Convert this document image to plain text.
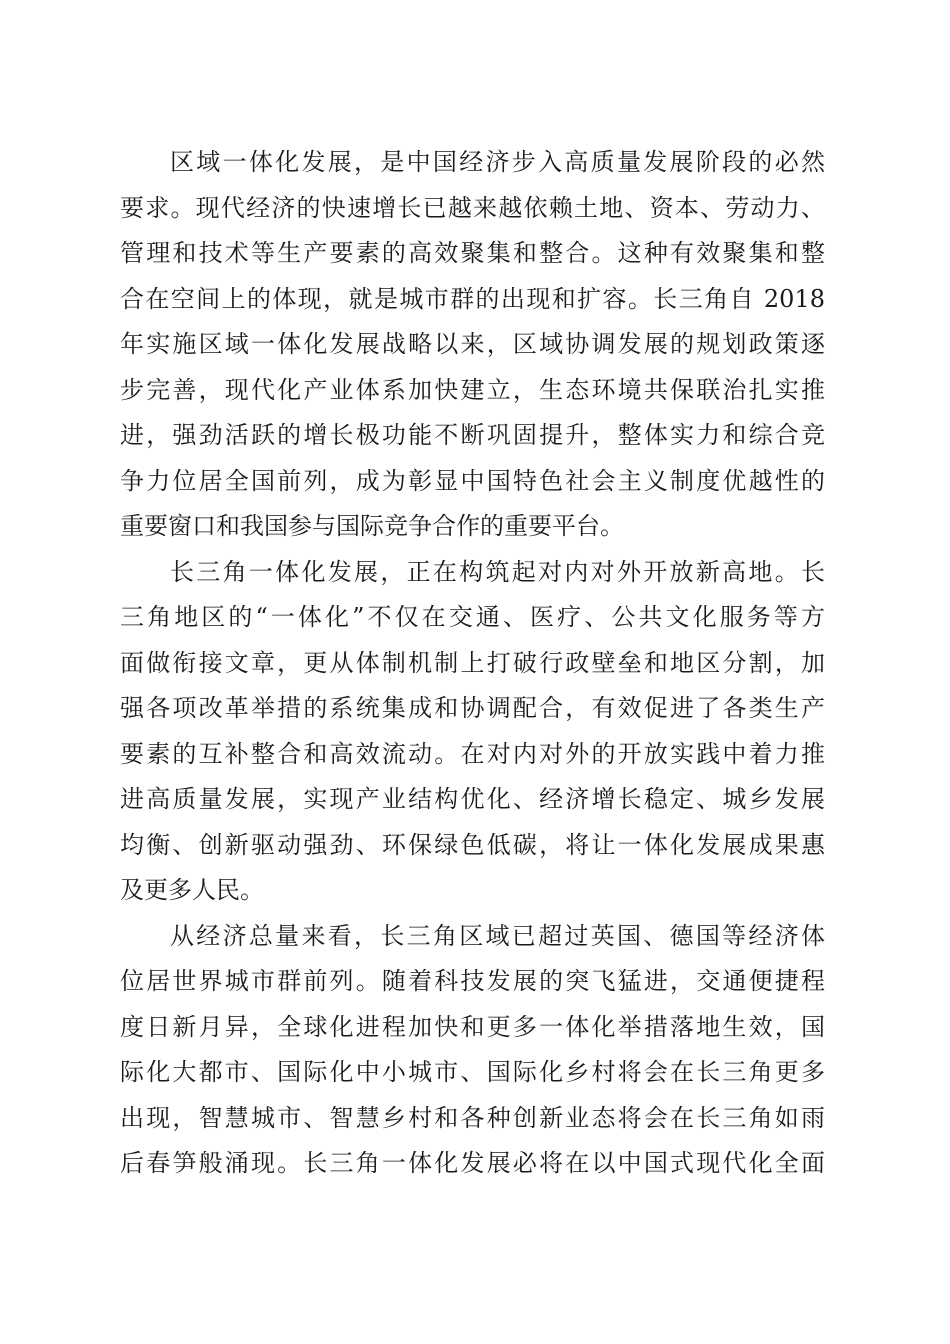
区域一体化发展，是中国经济步入高质量发展阶段的必然
要求。现代经济的快速增长已越来越依赖土地、资本、劳动力、
管理和技术等生产要素的高效聚集和整合。这种有效聚集和整
合在空间上的体现，就是城市群的出现和扩容。长三角自 2018
年实施区域一体化发展战略以来，区域协调发展的规划政策逐
步完善，现代化产业体系加快建立，生态环境共保联治扎实推
进，强劲活跃的增长极功能不断巩固提升，整体实力和综合竞
争力位居全国前列，成为彰显中国特色社会主义制度优越性的
重要窗口和我国参与国际竞争合作的重要平台。

长三角一体化发展，正在构筑起对内对外开放新高地。长
三角地区的“一体化”不仅在交通、医疗、公共文化服务等方
面做衔接文章，更从体制机制上打破行政壁垒和地区分割，加
强各项改革举措的系统集成和协调配合，有效促进了各类生产
要素的互补整合和高效流动。在对内对外的开放实践中着力推
进高质量发展，实现产业结构优化、经济增长稳定、城乡发展
均衡、创新驱动强劲、环保绿色低碳，将让一体化发展成果惠
及更多人民。

从经济总量来看，长三角区域已超过英国、德国等经济体
位居世界城市群前列。随着科技发展的突飞猛进，交通便捷程
度日新月异，全球化进程加快和更多一体化举措落地生效，国
际化大都市、国际化中小城市、国际化乡村将会在长三角更多
出现，智慧城市、智慧乡村和各种创新业态将会在长三角如雨
后春笋般涌现。长三角一体化发展必将在以中国式现代化全面
